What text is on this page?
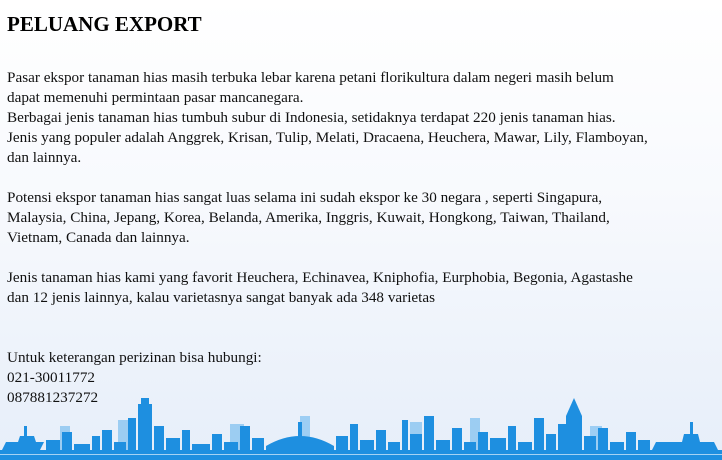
PELUANG EXPORT

Pasar ekspor tanaman hias masih terbuka lebar karena petani florikultura dalam negeri masih belum
dapat memenuhi permintaan pasar mancanegara.
Berbagai jenis tanaman hias tumbuh subur di Indonesia, setidaknya terdapat 220 jenis tanaman hias.
Jenis yang populer adalah Anggrek, Krisan, Tulip, Melati, Dracaena, Heuchera, Mawar, Lily, Flamboyan,
dan lainnya.

Potensi ekspor tanaman hias sangat luas selama ini sudah ekspor ke 30 negara , seperti Singapura,
Malaysia, China, Jepang, Korea, Belanda, Amerika, Inggris, Kuwait, Hongkong, Taiwan, Thailand,
Vietnam, Canada dan lainnya.

Jenis tanaman hias kami yang favorit Heuchera, Echinavea, Kniphofia, Eurphobia, Begonia, Agastashe
dan 12 jenis lainnya, kalau varietasnya sangat banyak ada 348 varietas

Untuk keterangan perizinan bisa hubungi:
021-30011772
087881237272
